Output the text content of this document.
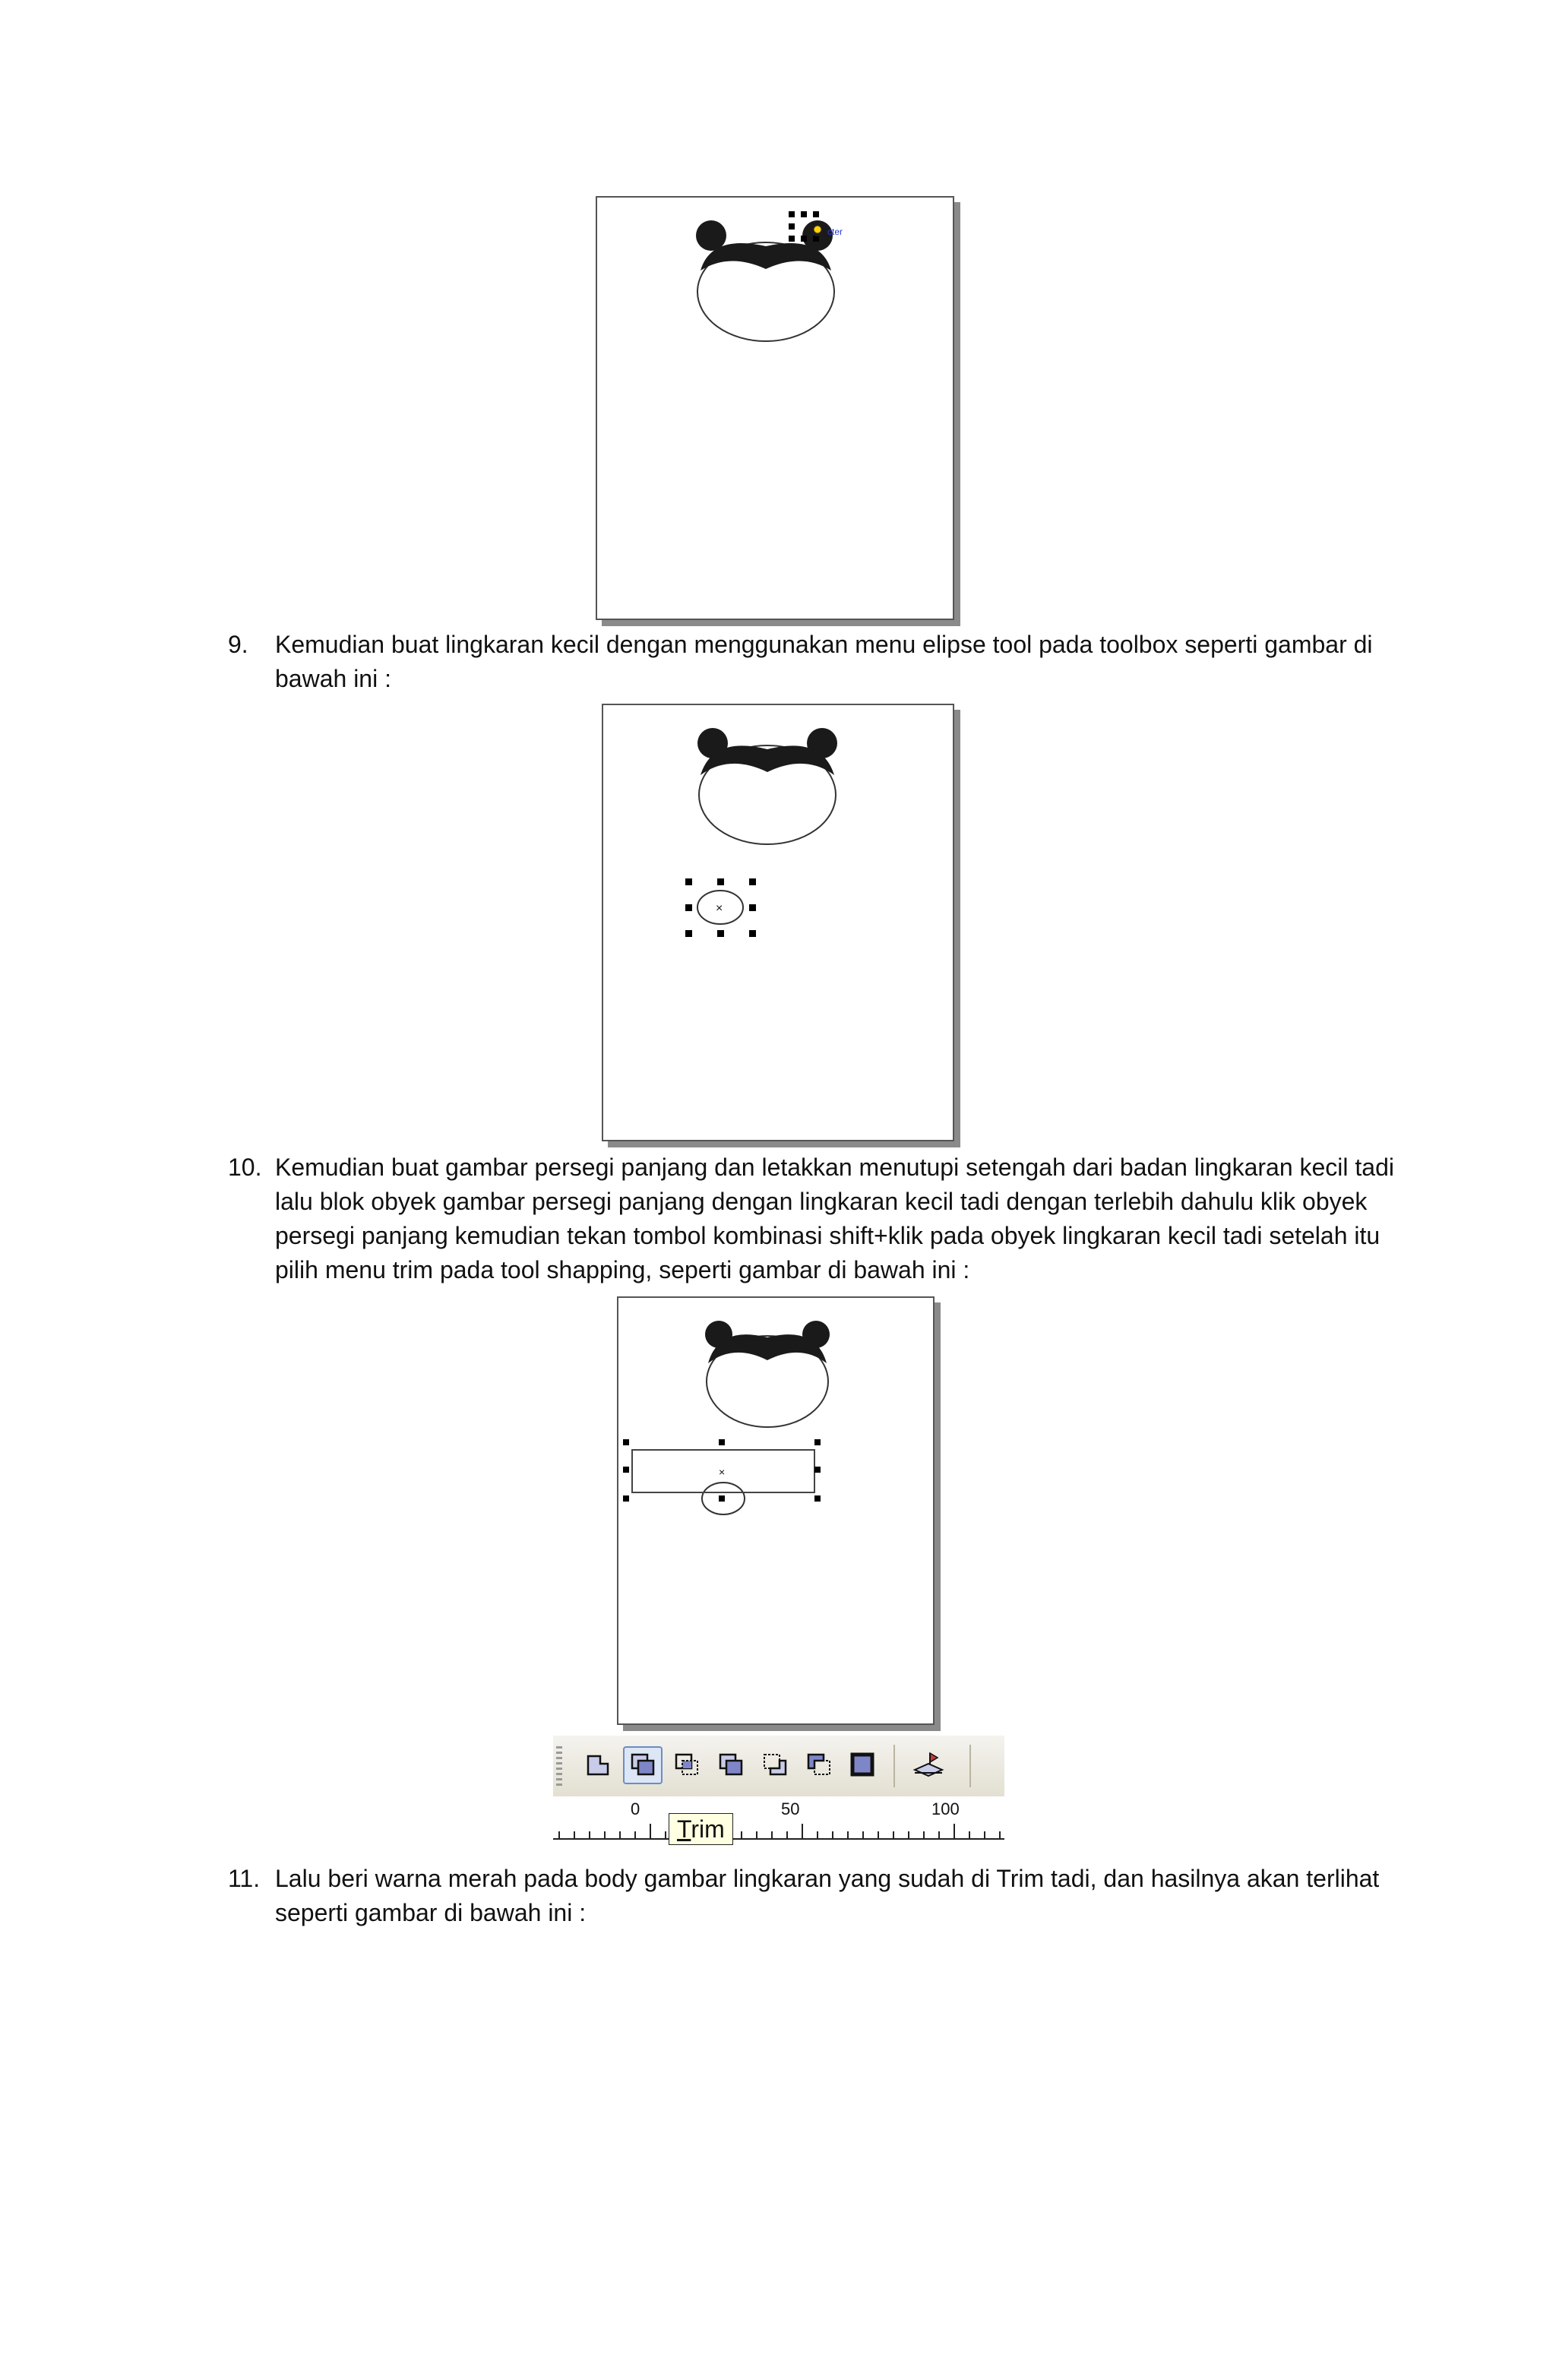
cter
9. Kemudian buat lingkaran kecil dengan menggunakan menu elipse tool pada toolbox seperti gambar di bawah ini :
×
10. Kemudian buat gambar persegi panjang dan letakkan menutupi setengah dari badan lingkaran kecil tadi lalu blok obyek gambar persegi panjang dengan lingkaran kecil tadi dengan terlebih dahulu klik obyek persegi panjang kemudian tekan tombol kombinasi shift+klik pada obyek lingkaran kecil tadi setelah itu pilih menu trim pada tool shapping, seperti gambar di bawah ini :
×
0	50	100
Trim
11. Lalu beri warna merah pada body gambar lingkaran yang sudah di Trim tadi, dan hasilnya akan terlihat seperti gambar di bawah ini :
